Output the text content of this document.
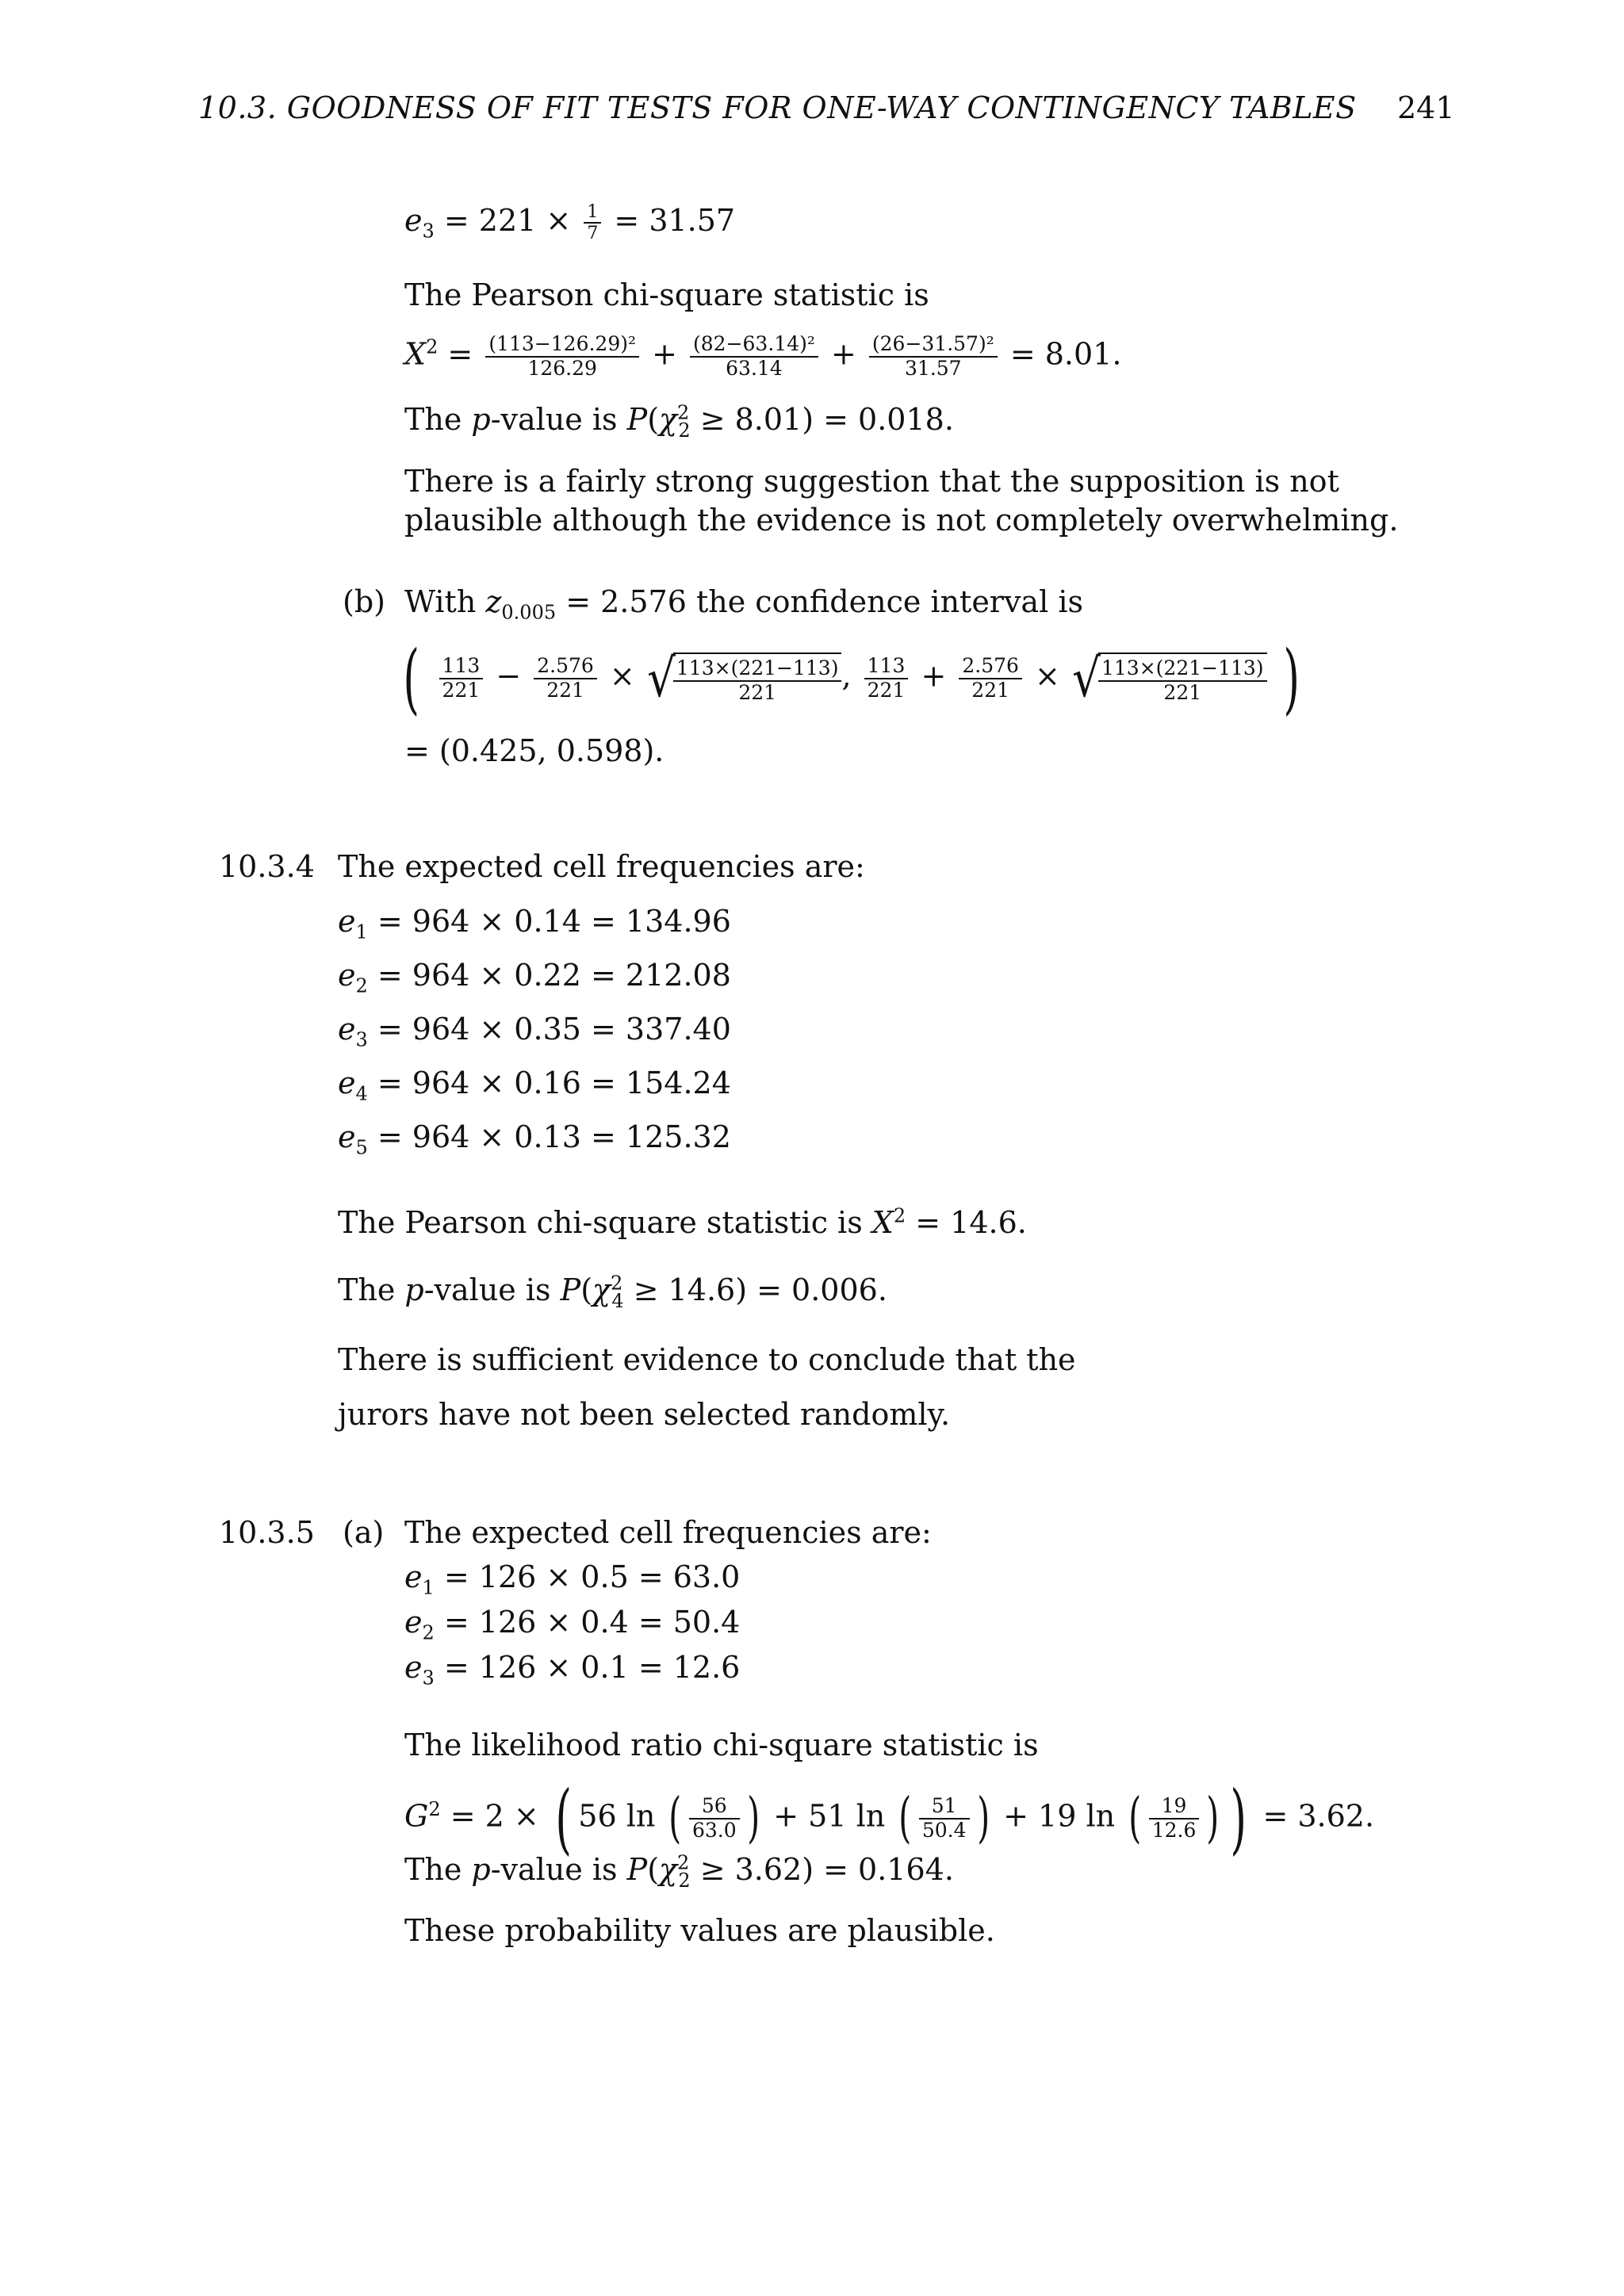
10.3. GOODNESS OF FIT TESTS FOR ONE-WAY CONTINGENCY TABLES 241
$e_3 = 221 \times \frac{1}{7} = 31.57$
The Pearson chi-square statistic is
$X^2 = \frac{\text{(113−126.29)²}}{126.29} + \frac{\text{(82−63.14)²}}{63.14} + \frac{\text{(26−31.57)²}}{31.57} = 8.01$.
The p-value is $P(\chi^2_2 \ge 8.01) = 0.018$.
There is a fairly strong suggestion that the supposition is not plausible although the evidence is not completely overwhelming.
(b) With $z_{0.005} = 2.576$ the confidence interval is
( $\frac{113}{221} - \frac{2.576}{221}$ × √
$\frac{113\times(221-113)}{221}$ , $\frac{113}{221} + \frac{2.576}{221}$ × √
$\frac{113\times(221-113)}{221}$ )
= (0.425, 0.598).
10.3.4 The expected cell frequencies are:
$e_1 = 964 \times 0.14 = 134.96$
$e_2 = 964 \times 0.22 = 212.08$
$e_3 = 964 \times 0.35 = 337.40$
$e_4 = 964 \times 0.16 = 154.24$
$e_5 = 964 \times 0.13 = 125.32$
The Pearson chi-square statistic is $X^2 = 14.6$.
The p-value is $P(\chi^2_4 \ge 14.6) = 0.006$.
There is sufficient evidence to conclude that the
jurors have not been selected randomly.
10.3.5 (a) The expected cell frequencies are:
$e_1 = 126 \times 0.5 = 63.0$
$e_2 = 126 \times 0.4 = 50.4$
$e_3 = 126 \times 0.1 = 12.6$
The likelihood ratio chi-square statistic is
$G^2 = 2$ × ( 56 ln ( $\frac{56}{63.0}$ ) + 51 ln ( $\frac{51}{50.4}$ ) + 19 ln ( $\frac{19}{12.6}$ ) ) = 3.62.
The p-value is $P(\chi^2_2 \ge 3.62) = 0.164$.
These probability values are plausible.
